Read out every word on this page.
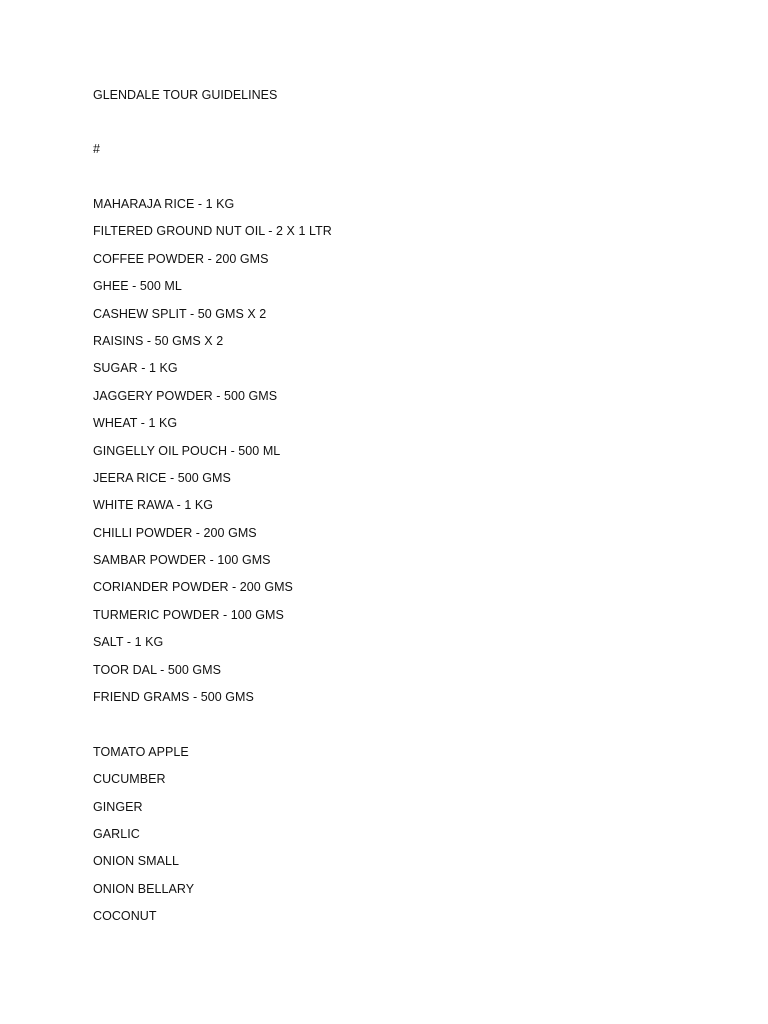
GLENDALE TOUR GUIDELINES
#
MAHARAJA RICE - 1 KG
FILTERED GROUND NUT OIL - 2 X 1 LTR
COFFEE POWDER - 200 GMS
GHEE - 500 ML
CASHEW SPLIT - 50 GMS X 2
RAISINS - 50 GMS X 2
SUGAR - 1 KG
JAGGERY POWDER - 500 GMS
WHEAT - 1 KG
GINGELLY OIL POUCH - 500 ML
JEERA RICE - 500 GMS
WHITE RAWA - 1 KG
CHILLI POWDER - 200 GMS
SAMBAR POWDER - 100 GMS
CORIANDER POWDER - 200 GMS
TURMERIC POWDER - 100 GMS
SALT - 1 KG
TOOR DAL - 500 GMS
FRIEND GRAMS - 500 GMS
TOMATO APPLE
CUCUMBER
GINGER
GARLIC
ONION SMALL
ONION BELLARY
COCONUT
